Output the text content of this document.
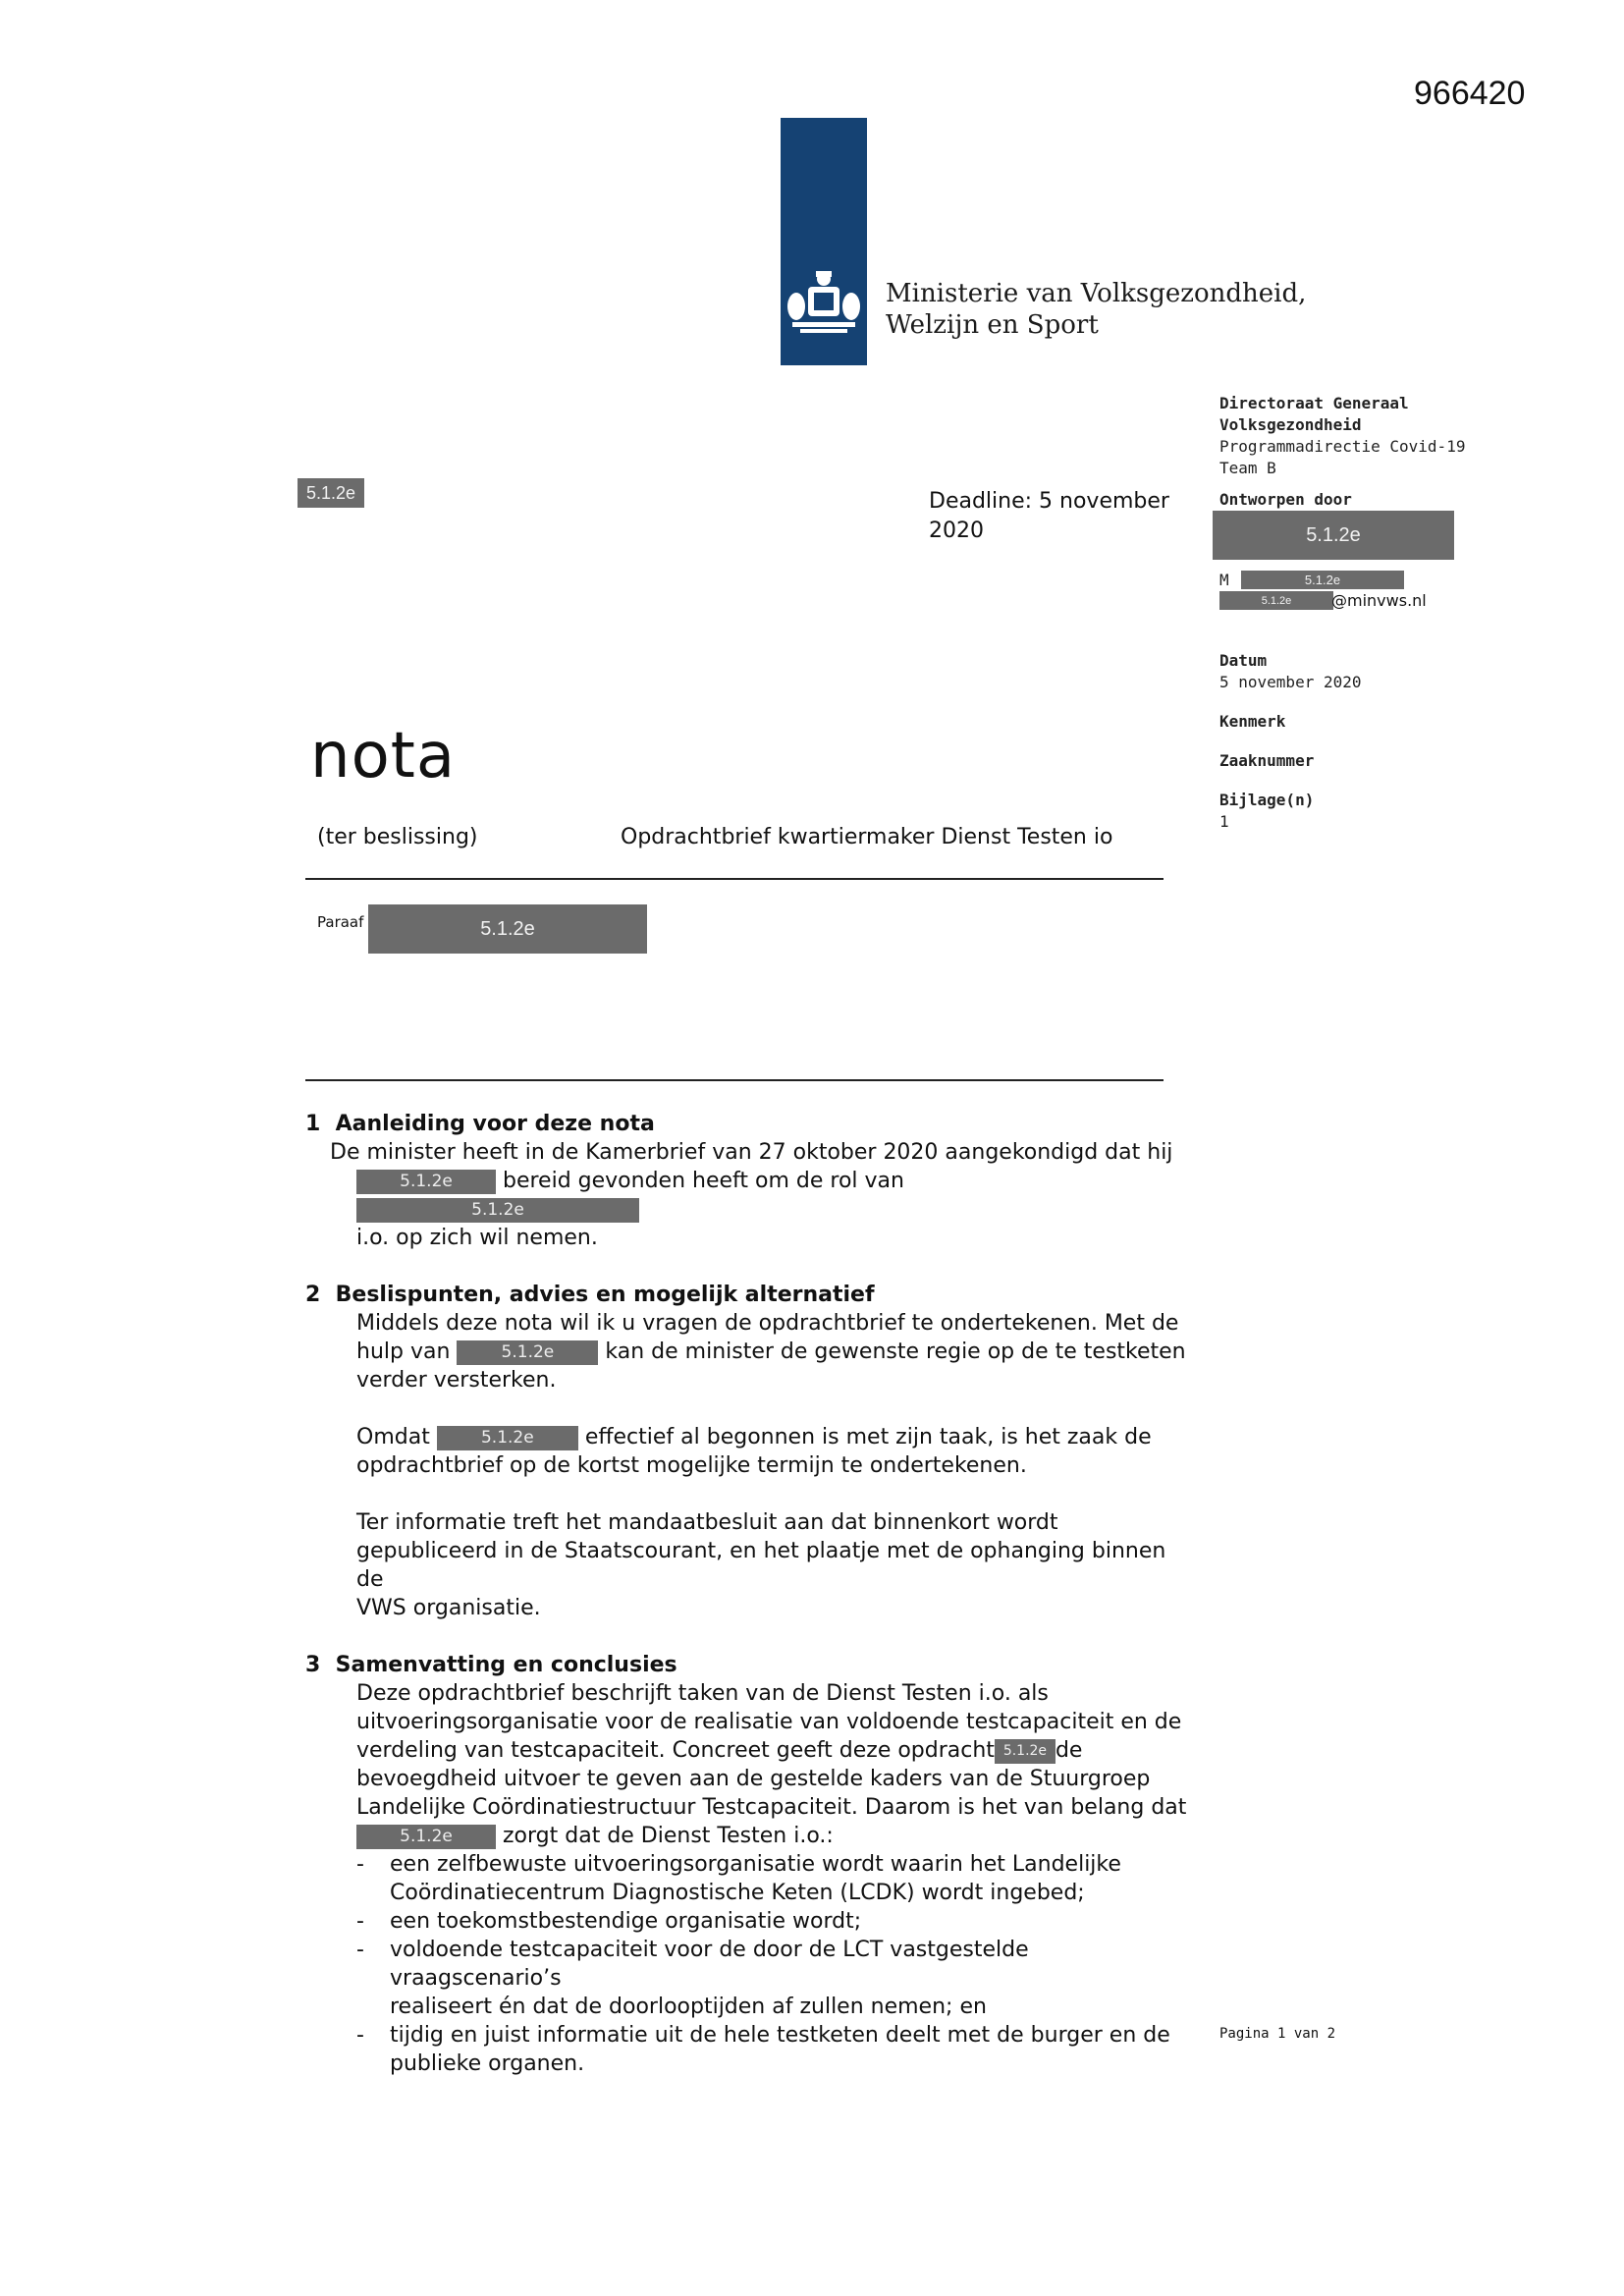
966420
Ministerie van Volksgezondheid,
Welzijn en Sport
5.1.2e	Deadline: 5 november
2020
Directoraat Generaal
Volksgezondheid
Programmadirectie Covid-19
Team B
Ontworpen door
5.1.2e
M	5.1.2e
5.1.2e	@minvws.nl
Datum
5 november 2020
Kenmerk
Zaaknummer
Bijlage(n)
1
nota
(ter beslissing)	Opdrachtbrief kwartiermaker Dienst Testen io
Paraaf	5.1.2e
1 Aanleiding voor deze nota
De minister heeft in de Kamerbrief van 27 oktober 2020 aangekondigd dat hij
5.1.2e bereid gevonden heeft om de rol van 5.1.2e
i.o. op zich wil nemen.
2 Beslispunten, advies en mogelijk alternatief
Middels deze nota wil ik u vragen de opdrachtbrief te ondertekenen. Met de
hulp van	5.1.2e kan de minister de gewenste regie op de te testketen
verder versterken.
Omdat	5.1.2e effectief al begonnen is met zijn taak, is het zaak de
opdrachtbrief op de kortst mogelijke termijn te ondertekenen.
Ter informatie treft het mandaatbesluit aan dat binnenkort wordt
gepubliceerd in de Staatscourant, en het plaatje met de ophanging binnen de
VWS organisatie.
3 Samenvatting en conclusies
Deze opdrachtbrief beschrijft taken van de Dienst Testen i.o. als
uitvoeringsorganisatie voor de realisatie van voldoende testcapaciteit en de
verdeling van testcapaciteit. Concreet geeft deze opdracht 5.1.2e de
bevoegdheid uitvoer te geven aan de gestelde kaders van de Stuurgroep
Landelijke Coördinatiestructuur Testcapaciteit. Daarom is het van belang dat
5.1.2e zorgt dat de Dienst Testen i.o.:
- een zelfbewuste uitvoeringsorganisatie wordt waarin het Landelijke
Coördinatiecentrum Diagnostische Keten (LCDK) wordt ingebed;
- een toekomstbestendige organisatie wordt;
- voldoende testcapaciteit voor de door de LCT vastgestelde vraagscenario’s
realiseert én dat de doorlooptijden af zullen nemen; en
- tijdig en juist informatie uit de hele testketen deelt met de burger en de
publieke organen.
Pagina 1 van 2
